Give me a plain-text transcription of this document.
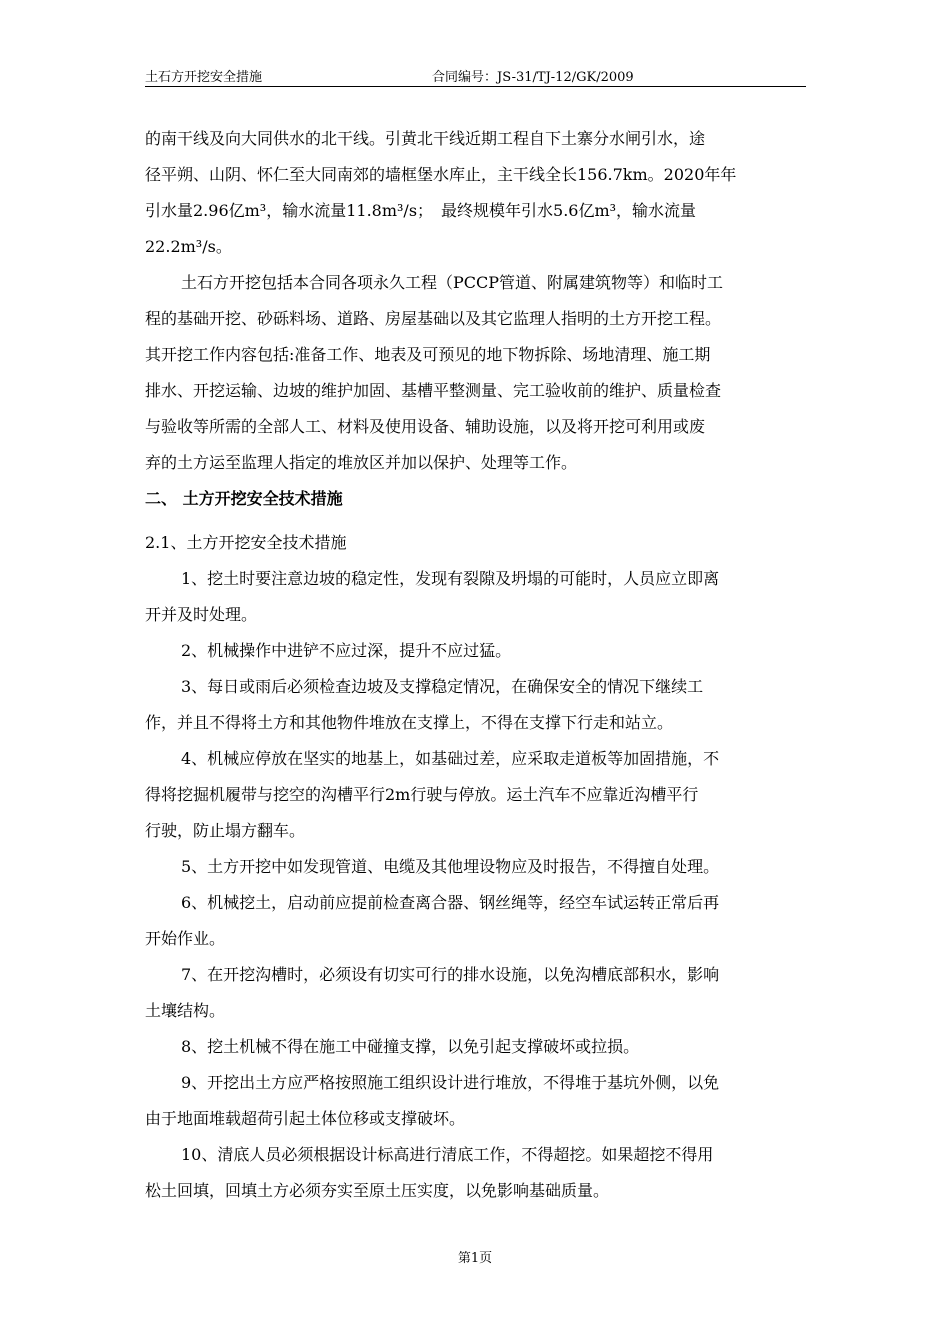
土石方开挖安全措施	合同编号：JS-31/TJ-12/GK/2009
的南干线及向大同供水的北干线。引黄北干线近期工程自下土寨分水闸引水，途
径平朔、山阴、怀仁至大同南郊的墙框堡水库止，主干线全长156.7km。2020年年
引水量2.96亿m³，输水流量11.8m³/s；　最终规模年引水5.6亿m³，输水流量
22.2m³/s。
土石方开挖包括本合同各项永久工程（PCCP管道、附属建筑物等）和临时工
程的基础开挖、砂砾料场、道路、房屋基础以及其它监理人指明的土方开挖工程。
其开挖工作内容包括:准备工作、地表及可预见的地下物拆除、场地清理、施工期
排水、开挖运输、边坡的维护加固、基槽平整测量、完工验收前的维护、质量检查
与验收等所需的全部人工、材料及使用设备、辅助设施，以及将开挖可利用或废
弃的土方运至监理人指定的堆放区并加以保护、处理等工作。
二、 土方开挖安全技术措施
2.1、土方开挖安全技术措施
1、挖土时要注意边坡的稳定性，发现有裂隙及坍塌的可能时，人员应立即离
开并及时处理。
2、机械操作中进铲不应过深，提升不应过猛。
3、每日或雨后必须检查边坡及支撑稳定情况，在确保安全的情况下继续工
作，并且不得将土方和其他物件堆放在支撑上，不得在支撑下行走和站立。
4、机械应停放在坚实的地基上，如基础过差，应采取走道板等加固措施，不
得将挖掘机履带与挖空的沟槽平行2m行驶与停放。运土汽车不应靠近沟槽平行
行驶，防止塌方翻车。
5、土方开挖中如发现管道、电缆及其他埋设物应及时报告，不得擅自处理。
6、机械挖土，启动前应提前检查离合器、钢丝绳等，经空车试运转正常后再
开始作业。
7、在开挖沟槽时，必须设有切实可行的排水设施，以免沟槽底部积水，影响
土壤结构。
8、挖土机械不得在施工中碰撞支撑，以免引起支撑破坏或拉损。
9、开挖出土方应严格按照施工组织设计进行堆放，不得堆于基坑外侧，以免
由于地面堆载超荷引起土体位移或支撑破坏。
10、清底人员必须根据设计标高进行清底工作，不得超挖。如果超挖不得用
松土回填，回填土方必须夯实至原土压实度，以免影响基础质量。
第1页
